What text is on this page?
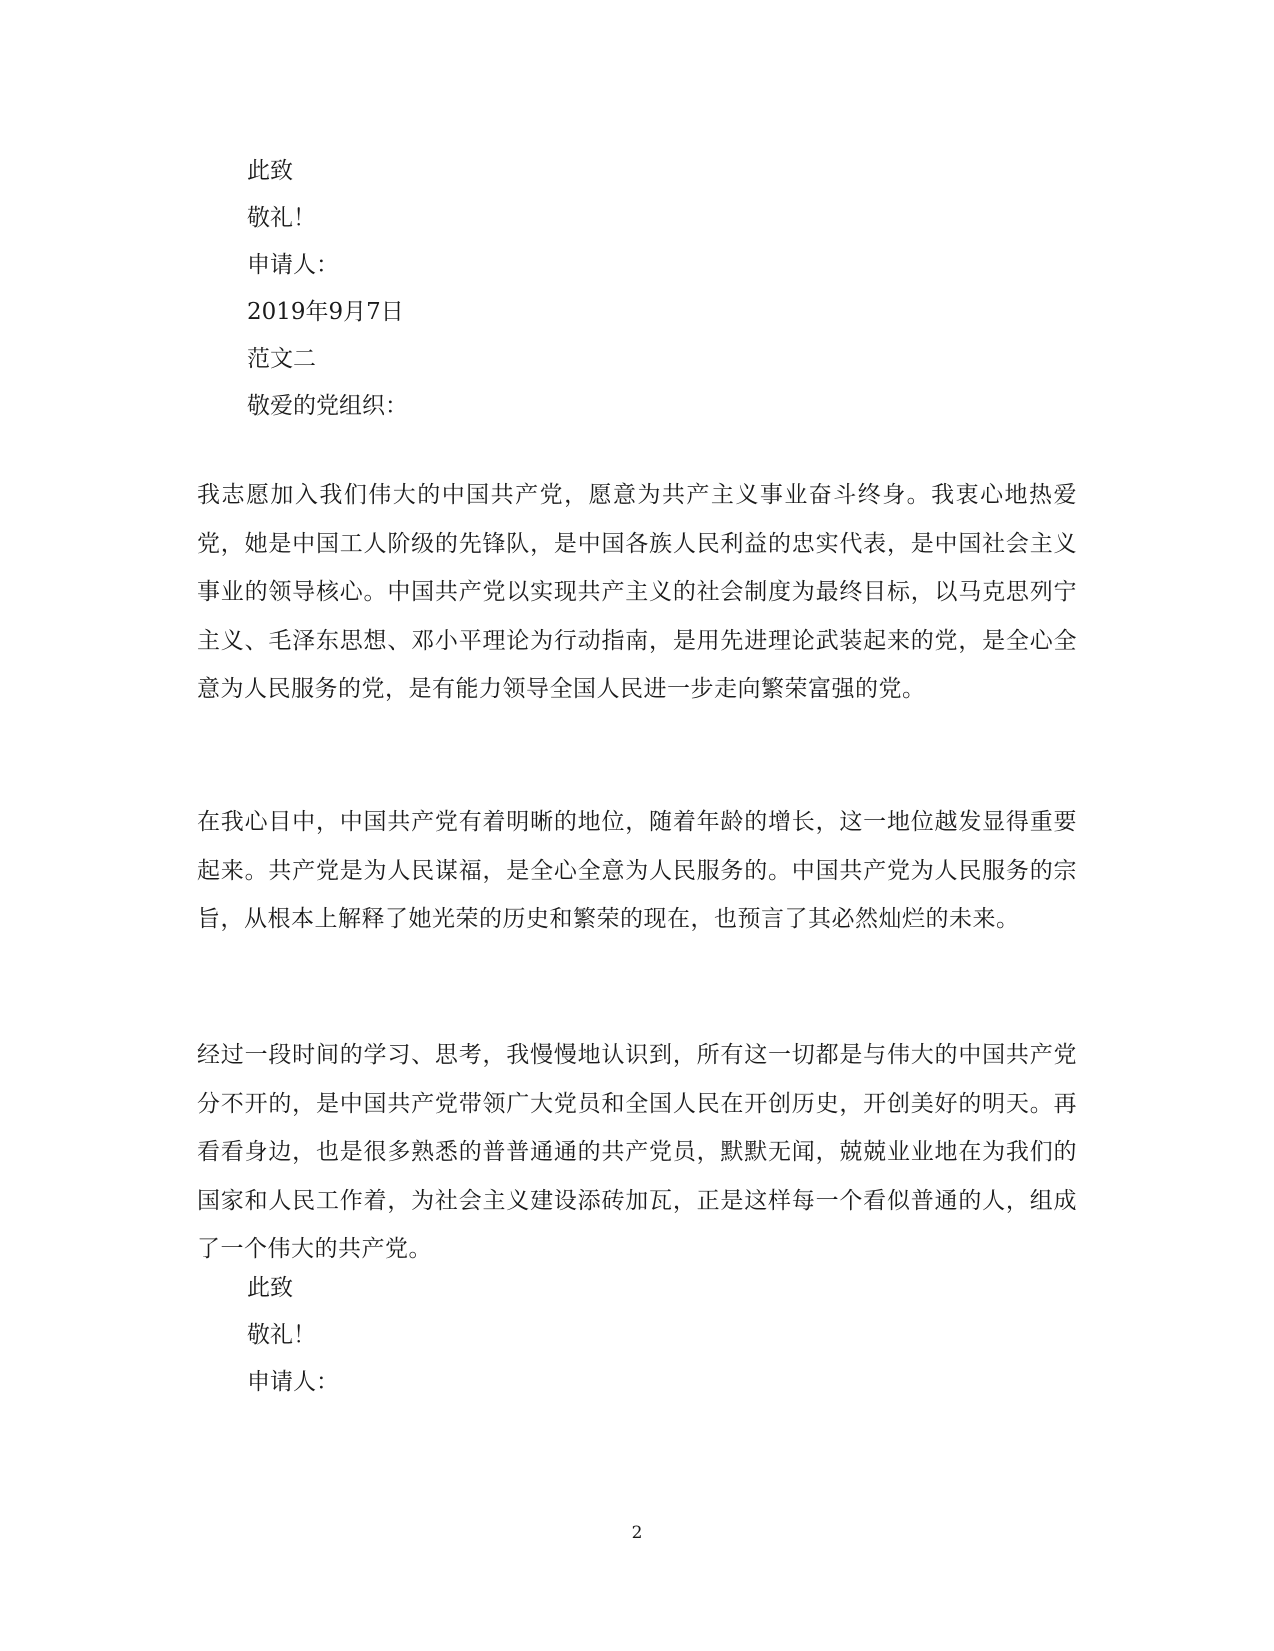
此致
敬礼！
申请人：
2019年9月7日
范文二
敬爱的党组织：

我志愿加入我们伟大的中国共产党，愿意为共产主义事业奋斗终身。我衷心地热爱党，她是中国工人阶级的先锋队，是中国各族人民利益的忠实代表，是中国社会主义事业的领导核心。中国共产党以实现共产主义的社会制度为最终目标，以马克思列宁主义、毛泽东思想、邓小平理论为行动指南，是用先进理论武装起来的党，是全心全意为人民服务的党，是有能力领导全国人民进一步走向繁荣富强的党。

在我心目中，中国共产党有着明晰的地位，随着年龄的增长，这一地位越发显得重要起来。共产党是为人民谋福，是全心全意为人民服务的。中国共产党为人民服务的宗旨，从根本上解释了她光荣的历史和繁荣的现在，也预言了其必然灿烂的未来。

经过一段时间的学习、思考，我慢慢地认识到，所有这一切都是与伟大的中国共产党分不开的，是中国共产党带领广大党员和全国人民在开创历史，开创美好的明天。再看看身边，也是很多熟悉的普普通通的共产党员，默默无闻，兢兢业业地在为我们的国家和人民工作着，为社会主义建设添砖加瓦，正是这样每一个看似普通的人，组成了一个伟大的共产党。

此致
敬礼！
申请人：
2
